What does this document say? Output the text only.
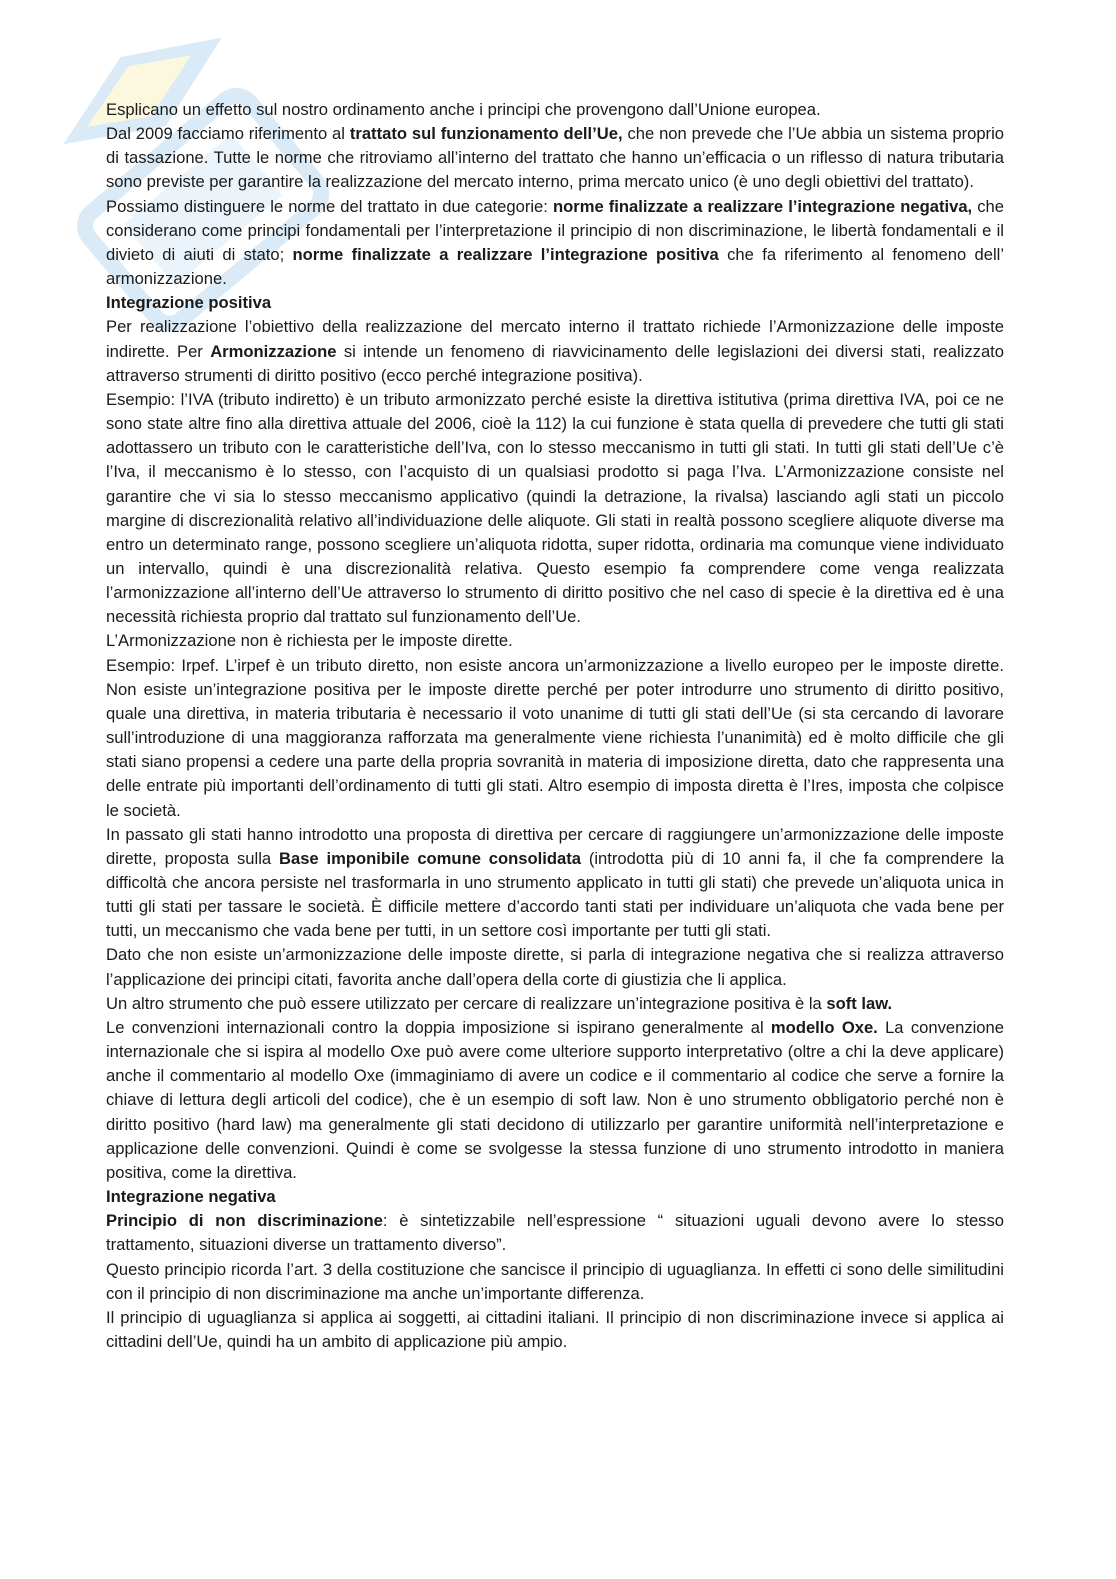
Esplicano un effetto sul nostro ordinamento anche i principi che provengono dall’Unione europea.

Dal 2009 facciamo riferimento al trattato sul funzionamento dell’Ue, che non prevede che l’Ue abbia un sistema proprio di tassazione. Tutte le norme che ritroviamo all’interno del trattato che hanno un’efficacia o un riflesso di natura tributaria sono previste per garantire la realizzazione del mercato interno, prima mercato unico (è uno degli obiettivi del trattato).

Possiamo distinguere le norme del trattato in due categorie: norme finalizzate a realizzare l’integrazione negativa, che considerano come principi fondamentali per l’interpretazione il principio di non discriminazione, le libertà fondamentali e il divieto di aiuti di stato; norme finalizzate a realizzare l’integrazione positiva che fa riferimento al fenomeno dell’ armonizzazione.

Integrazione positiva

Per realizzazione l’obiettivo della realizzazione del mercato interno il trattato richiede l’Armonizzazione delle imposte indirette. Per Armonizzazione si intende un fenomeno di riavvicinamento delle legislazioni dei diversi stati, realizzato attraverso strumenti di diritto positivo (ecco perché integrazione positiva).

Esempio: l’IVA (tributo indiretto) è un tributo armonizzato perché esiste la direttiva istitutiva (prima direttiva IVA, poi ce ne sono state altre fino alla direttiva attuale del 2006, cioè la 112) la cui funzione è stata quella di prevedere che tutti gli stati adottassero un tributo con le caratteristiche dell’Iva, con lo stesso meccanismo in tutti gli stati. In tutti gli stati dell’Ue c’è l’Iva, il meccanismo è lo stesso, con l’acquisto di un qualsiasi prodotto si paga l’Iva. L’Armonizzazione consiste nel garantire che vi sia lo stesso meccanismo applicativo (quindi la detrazione, la rivalsa) lasciando agli stati un piccolo margine di discrezionalità relativo all’individuazione delle aliquote. Gli stati in realtà possono scegliere aliquote diverse ma entro un determinato range, possono scegliere un’aliquota ridotta, super ridotta, ordinaria ma comunque viene individuato un intervallo, quindi è una discrezionalità relativa. Questo esempio fa comprendere come venga realizzata l’armonizzazione all’interno dell’Ue attraverso lo strumento di diritto positivo che nel caso di specie è la direttiva ed è una necessità richiesta proprio dal trattato sul funzionamento dell’Ue.

L’Armonizzazione non è richiesta per le imposte dirette.

Esempio: Irpef. L’irpef è un tributo diretto, non esiste ancora un’armonizzazione a livello europeo per le imposte dirette. Non esiste un’integrazione positiva per le imposte dirette perché per poter introdurre uno strumento di diritto positivo, quale una direttiva, in materia tributaria è necessario il voto unanime di tutti gli stati dell’Ue (si sta cercando di lavorare sull’introduzione di una maggioranza rafforzata ma generalmente viene richiesta l’unanimità) ed è molto difficile che gli stati siano propensi a cedere una parte della propria sovranità in materia di imposizione diretta, dato che rappresenta una delle entrate più importanti dell’ordinamento di tutti gli stati. Altro esempio di imposta diretta è l’Ires, imposta che colpisce le società.

In passato gli stati hanno introdotto una proposta di direttiva per cercare di raggiungere un’armonizzazione delle imposte dirette, proposta sulla Base imponibile comune consolidata (introdotta più di 10 anni fa, il che fa comprendere la difficoltà che ancora persiste nel trasformarla in uno strumento applicato in tutti gli stati) che prevede un’aliquota unica in tutti gli stati per tassare le società. È difficile mettere d’accordo tanti stati per individuare un’aliquota che vada bene per tutti, un meccanismo che vada bene per tutti, in un settore così importante per tutti gli stati.

Dato che non esiste un’armonizzazione delle imposte dirette, si parla di integrazione negativa che si realizza attraverso l’applicazione dei principi citati, favorita anche dall’opera della corte di giustizia che li applica.

Un altro strumento che può essere utilizzato per cercare di realizzare un’integrazione positiva è la soft law.

Le convenzioni internazionali contro la doppia imposizione si ispirano generalmente al modello Oxe. La convenzione internazionale che si ispira al modello Oxe può avere come ulteriore supporto interpretativo (oltre a chi la deve applicare) anche il commentario al modello Oxe (immaginiamo di avere un codice e il commentario al codice che serve a fornire la chiave di lettura degli articoli del codice), che è un esempio di soft law. Non è uno strumento obbligatorio perché non è diritto positivo (hard law) ma generalmente gli stati decidono di utilizzarlo per garantire uniformità nell’interpretazione e applicazione delle convenzioni. Quindi è come se svolgesse la stessa funzione di uno strumento introdotto in maniera positiva, come la direttiva.

Integrazione negativa

Principio di non discriminazione: è sintetizzabile nell’espressione “ situazioni uguali devono avere lo stesso trattamento, situazioni diverse un trattamento diverso”.

Questo principio ricorda l’art. 3 della costituzione che sancisce il principio di uguaglianza. In effetti ci sono delle similitudini con il principio di non discriminazione ma anche un’importante differenza.

Il principio di uguaglianza si applica ai soggetti, ai cittadini italiani. Il principio di non discriminazione invece si applica ai cittadini dell’Ue, quindi ha un ambito di applicazione più ampio.
